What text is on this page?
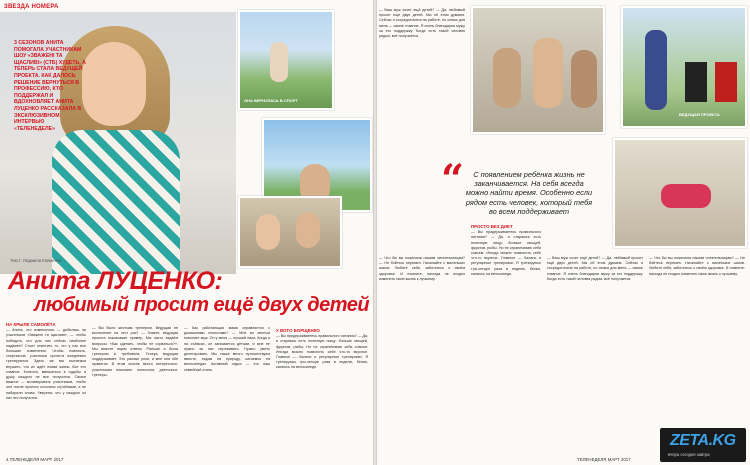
ЗВЕЗДА НОМЕРА
3 СЕЗОНОВ АНИТА ПОМОГАЛА УЧАСТНИКАМ ШОУ «ЗВАЖЕНІ ТА ЩАСЛИВІ» (СТБ) ХУДЕТЬ, А ТЕПЕРЬ СТАЛА ВЕДУЩЕЙ ПРОЕКТА. КАК ДАЛОСЬ РЕШЕНИЕ ВЕРНУТЬСЯ В ПРОФЕССИЮ, КТО ПОДДЕРЖАЛ И ВДОХНОВЛЯЕТ АНИТА ЛУЦЕНКО РАССКАЗАЛА В ЭКСКЛЮЗИВНОМ ИНТЕРВЬЮ «ТЕЛЕНЕДЕЛЕ»
ОНА ВЕРНУЛАСЬ В СПОРТ
Текст: Людмила Клименко
Анита ЛУЦЕНКО:
любимый просит ещё двух детей
НА КРЫЛЕ САМОЛЁТА
— Анита, что изменилось — добилась ли участников «Зважені та щасливі», — чтобы победить, кто для них сейчас наиболее надёжен? Стоит отметить то, что у нас все большие изменения. Чтобы повлиять, спортзалов, участники проекта ежедневно тренируются. Здесь же мы пытаемся внушить, что их ждёт новая жизнь. Вот это главное. Конечно, вмешаться в судьбы и душу каждого не все получится. Самое важное — мотивировать участников, чтобы они после проекта остались стройными, а не набирали снова. Уверена, что у каждого из них это получится.
— Вы были жестким тренером. Ведущая не восполняет на этот раз? — Знаете, ведущая проекта показывает пример. Мы часто задаём вопросы: «Как сделать, чтобы не сорваться?». Мы вместе ищем ответы. Раньше я была тренером и требовала. Теперь ведущая поддерживает. Это разные роли, и мне они обе нравятся. В этом сезоне много интересного: участникам помогают психологи, диетологи, тренеры.
— Как работающая мама справляется с домашними хлопотами? — Мне во многом помогает муж. Он у меня — лучший папа. Когда я на съёмках, он занимается детьми, и мне не нужно за них переживать. Нужно уметь делегировать. Мы также много путешествуем вместе, ездим на природу, катаемся на велосипедах. Активный отдых — это наш семейный стиль.
У ВОТО БОРЩЕНКО
— Вы придерживаетесь правильного питания? — Да, я стараюсь есть полезную пищу: больше овощей, фруктов, рыбы. Но не ограничиваю себя совсем. Иногда можно позволить себе что-то вкусное. Главное — баланс и регулярные тренировки. Я тренируюсь три-четыре раза в неделю, бегаю, катаюсь на велосипеде.
4 ТЕЛЕНЕДЕЛЯ МАРТ 2017
— Ваш муж хочет ещё детей? — Да, любимый просит ещё двух детей. Мы об этом думаем. Сейчас я сосредоточена на работе, но семья для меня — самое главное. Я очень благодарна мужу за его поддержку. Когда есть такой человек рядом, всё получается.
ВЕДУЩАЯ ПРОЕКТА
“	С появлением ребёнка жизнь не заканчивается. На себя всегда можно найти время. Особенно если рядом есть человек, который тебя во всем поддерживает
— Что бы вы пожелали нашим читательницам? — Не бойтесь перемен. Начинайте с маленьких шагов. Любите себя, заботьтесь о своём здоровье. И помните: никогда не поздно изменить свою жизнь к лучшему.
ПРОСТО БЕЗ ДИЕТ
— Вы придерживаетесь правильного питания? — Да, я стараюсь есть полезную пищу: больше овощей, фруктов, рыбы. Но не ограничиваю себя совсем. Иногда можно позволить себе что-то вкусное. Главное — баланс и регулярные тренировки. Я тренируюсь три-четыре раза в неделю, бегаю, катаюсь на велосипеде.
— Ваш муж хочет ещё детей? — Да, любимый просит ещё двух детей. Мы об этом думаем. Сейчас я сосредоточена на работе, но семья для меня — самое главное. Я очень благодарна мужу за его поддержку. Когда есть такой человек рядом, всё получается.
— Что бы вы пожелали нашим читательницам? — Не бойтесь перемен. Начинайте с маленьких шагов. Любите себя, заботьтесь о своём здоровье. И помните: никогда не поздно изменить свою жизнь к лучшему.
ТЕЛЕНЕДЕЛЯ МАРТ 2017
ZETA.KG
вчера сегодня завтра
